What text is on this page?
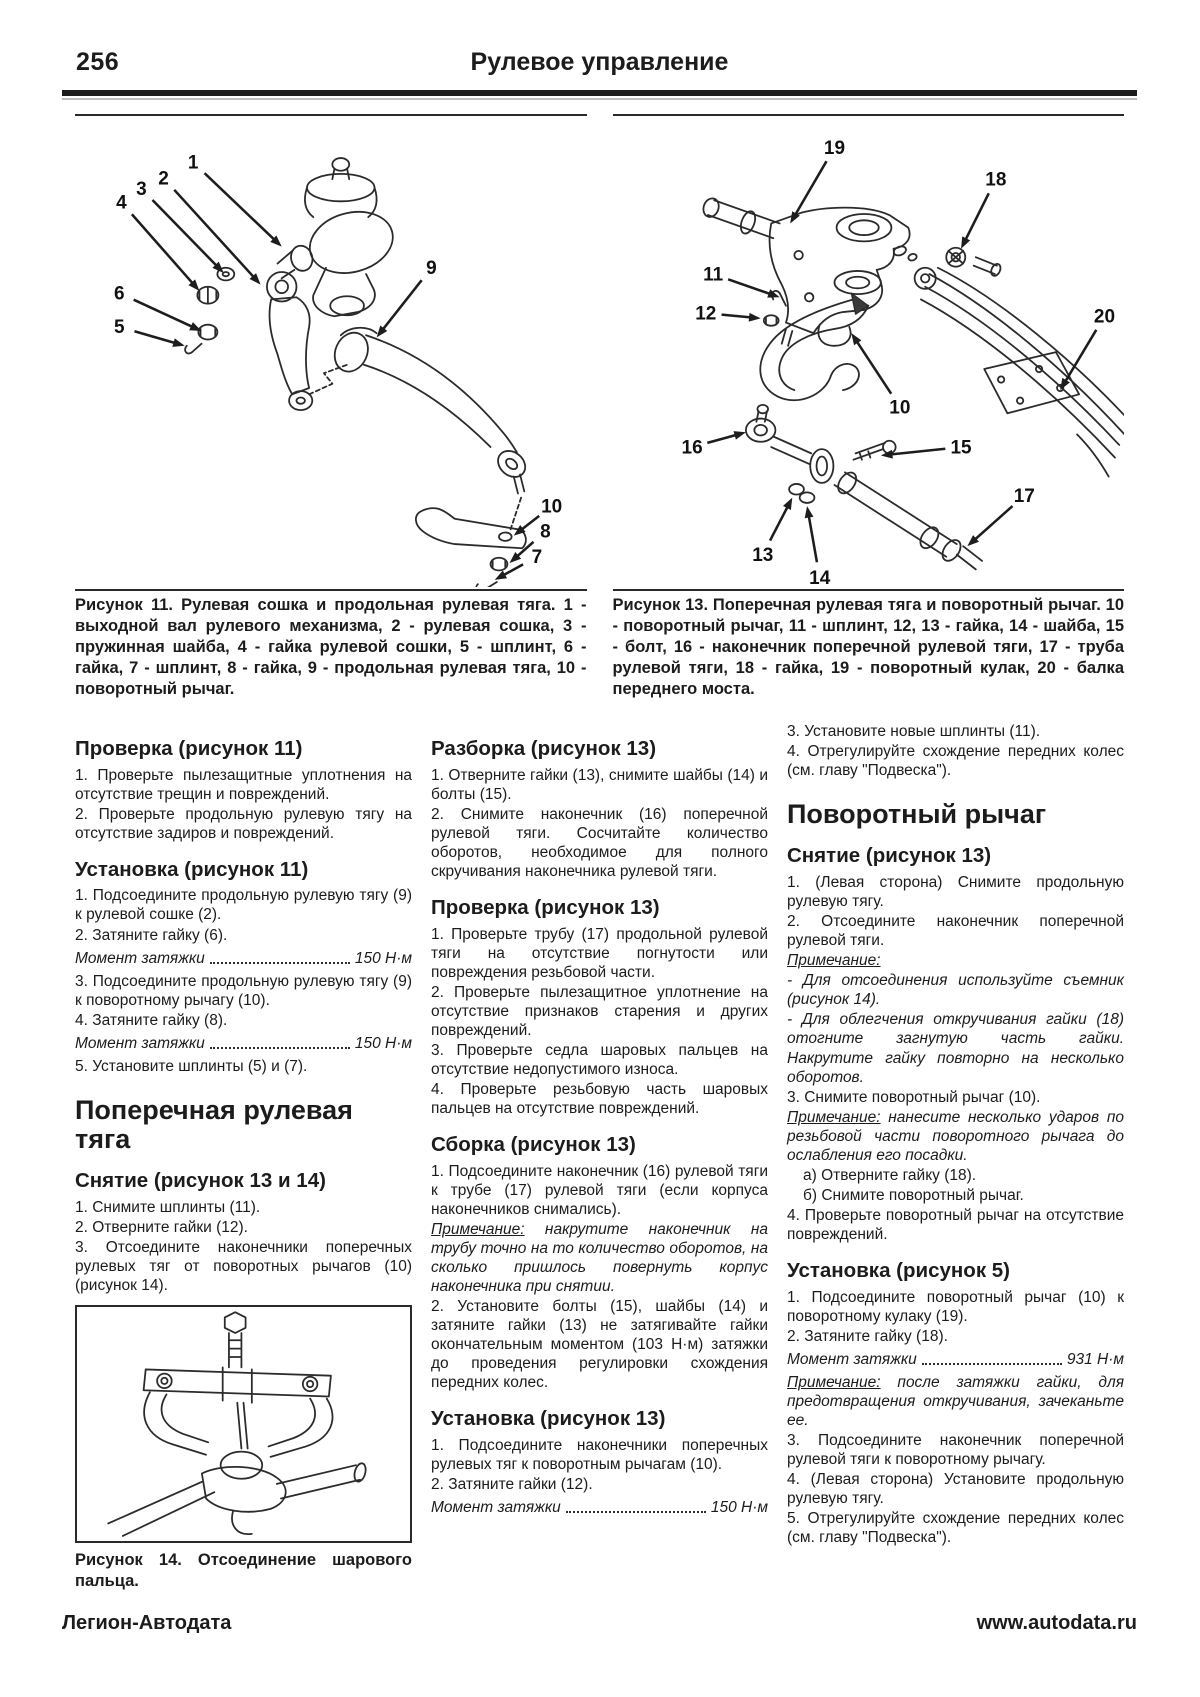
256	Рулевое управление
1
2
3
4
6
5
9
10
8
7
Рисунок 11. Рулевая сошка и продольная рулевая тяга. 1 - выходной вал рулевого механизма, 2 - рулевая сошка, 3 - пружинная шайба, 4 - гайка рулевой сошки, 5 - шплинт, 6 - гайка, 7 - шплинт, 8 - гайка, 9 - продольная рулевая тяга, 10 - поворотный рычаг.
19
18
11
12
10
20
16	15
17
14
13
Рисунок 13. Поперечная рулевая тяга и поворотный рычаг. 10 - поворотный рычаг, 11 - шплинт, 12, 13 - гайка, 14 - шайба, 15 - болт, 16 - наконечник поперечной рулевой тяги, 17 - труба рулевой тяги, 18 - гайка, 19 - поворотный кулак, 20 - балка переднего моста.
Проверка (рисунок 11)

1. Проверьте пылезащитные уплотнения на отсутствие трещин и повреждений.

2. Проверьте продольную рулевую тягу на отсутствие задиров и повреждений.

Установка (рисунок 11)

1. Подсоедините продольную рулевую тягу (9) к рулевой сошке (2).

2. Затяните гайку (6).

Момент затяжки	150 Н·м

3. Подсоедините продольную рулевую тягу (9) к поворотному рычагу (10).

4. Затяните гайку (8).

Момент затяжки	150 Н·м

5. Установите шплинты (5) и (7).

Поперечная рулевая тяга
Снятие (рисунок 13 и 14)

1. Снимите шплинты (11).

2. Отверните гайки (12).

3. Отсоедините наконечники поперечных рулевых тяг от поворотных рычагов (10) (рисунок 14).

Рисунок 14. Отсоединение шарового пальца.
Разборка (рисунок 13)

1. Отверните гайки (13), снимите шайбы (14) и болты (15).

2. Снимите наконечник (16) поперечной рулевой тяги. Сосчитайте количество оборотов, необходимое для полного скручивания наконечника рулевой тяги.

Проверка (рисунок 13)

1. Проверьте трубу (17) продольной рулевой тяги на отсутствие погнутости или повреждения резьбовой части.

2. Проверьте пылезащитное уплотнение на отсутствие признаков старения и других повреждений.

3. Проверьте седла шаровых пальцев на отсутствие недопустимого износа.

4. Проверьте резьбовую часть шаровых пальцев на отсутствие повреждений.

Сборка (рисунок 13)

1. Подсоедините наконечник (16) рулевой тяги к трубе (17) рулевой тяги (если корпуса наконечников снимались).

Примечание: накрутите наконечник на трубу точно на то количество оборотов, на сколько пришлось повернуть корпус наконечника при снятии.

2. Установите болты (15), шайбы (14) и затяните гайки (13) не затягивайте гайки окончательным моментом (103 Н·м) затяжки до проведения регулировки схождения передних колес.

Установка (рисунок 13)

1. Подсоедините наконечники поперечных рулевых тяг к поворотным рычагам (10).

2. Затяните гайки (12).

Момент затяжки	150 Н·м

3. Установите новые шплинты (11).

4. Отрегулируйте схождение передних колес (см. главу "Подвеска").

Поворотный рычаг
Снятие (рисунок 13)

1. (Левая сторона) Снимите продольную рулевую тягу.

2. Отсоедините наконечник поперечной рулевой тяги.

Примечание:

- Для отсоединения используйте съемник (рисунок 14).

- Для облегчения откручивания гайки (18) отогните загнутую часть гайки. Накрутите гайку повторно на несколько оборотов.

3. Снимите поворотный рычаг (10).

Примечание: нанесите несколько ударов по резьбовой части поворотного рычага до ослабления его посадки.

а) Отверните гайку (18).

б) Снимите поворотный рычаг.

4. Проверьте поворотный рычаг на отсутствие повреждений.

Установка (рисунок 5)

1. Подсоедините поворотный рычаг (10) к поворотному кулаку (19).

2. Затяните гайку (18).

Момент затяжки	931 Н·м

Примечание: после затяжки гайки, для предотвращения откручивания, зачеканьте ее.

3. Подсоедините наконечник поперечной рулевой тяги к поворотному рычагу.

4. (Левая сторона) Установите продольную рулевую тягу.

5. Отрегулируйте схождение передних колес (см. главу "Подвеска").

Легион-Автодата	www.autodata.ru
